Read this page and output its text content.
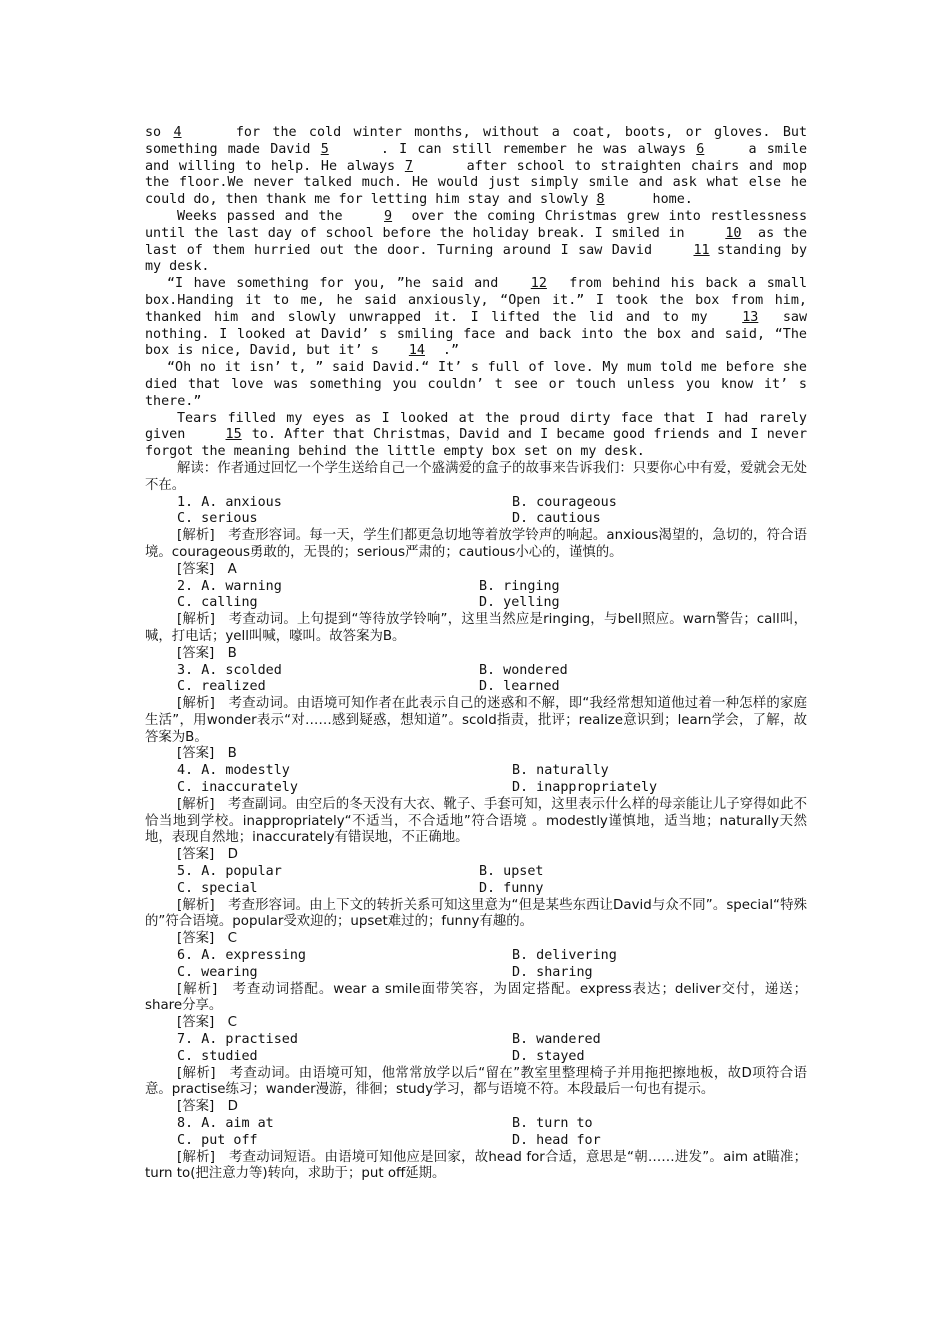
so 4	for the cold winter months, without a coat, boots, or gloves. But something made David 5	. I can still remember he was always 6	a smile and willing to help. He always 7	after school to straighten chairs and mop the floor.We never talked much. He would just simply smile and ask what else he could do, then thank me for letting him stay and slowly 8	home.

Weeks passed and the	9 over the coming Christmas grew into restlessness until the last day of school before the holiday break. I smiled in	10 as the last of them hurried out the door. Turning around I saw David	11 standing by my desk.

“I have something for you, ”he said and 12 from behind his back a small box.Handing it to me, he said anxiously, “Open it.” I took the box from him, thanked him and slowly unwrapped it. I lifted the lid and to my	13 saw nothing. I looked at David’ s smiling face and back into the box and said, “The box is nice, David, but it’ s 14 .”

“Oh no it isn’ t, ” said David.“ It’ s full of love. My mum told me before she died that love was something you couldn’ t see or touch unless you know it’ s there.”

Tears filled my eyes as I looked at the proud dirty face that I had rarely given	15 to. After that Christmas，David and I became good friends and I never forgot the meaning behind the little empty box set on my desk.

解读：作者通过回忆一个学生送给自己一个盛满爱的盒子的故事来告诉我们：只要你心中有爱，爱就会无处不在。

1. A. anxious	B. courageous
C. serious	D. cautious

[解析]　考查形容词。每一天，学生们都更急切地等着放学铃声的响起。anxious渴望的，急切的，符合语境。courageous勇敢的，无畏的；serious严肃的；cautious小心的，谨慎的。

[答案]　A

2. A. warning	B. ringing
C. calling	D. yelling

[解析]　考查动词。上句提到“等待放学铃响”，这里当然应是ringing，与bell照应。warn警告；call叫，喊，打电话；yell叫喊，嚎叫。故答案为B。

[答案]　B

3. A. scolded	B. wondered
C. realized	D. learned

[解析]　考查动词。由语境可知作者在此表示自己的迷惑和不解，即“我经常想知道他过着一种怎样的家庭生活”，用wonder表示“对……感到疑惑，想知道”。scold指责，批评；realize意识到；learn学会，了解，故答案为B。

[答案]　B

4. A. modestly	B. naturally
C. inaccurately	D. inappropriately

[解析]　考查副词。由空后的冬天没有大衣、靴子、手套可知，这里表示什么样的母亲能让儿子穿得如此不恰当地到学校。inappropriately“不适当，不合适地”符合语境 。modestly谨慎地，适当地；naturally天然地，表现自然地；inaccurately有错误地，不正确地。

[答案]　D

5. A. popular	B. upset
C. special	D. funny

[解析]　考查形容词。由上下文的转折关系可知这里意为“但是某些东西让David与众不同”。special“特殊的”符合语境。popular受欢迎的；upset难过的；funny有趣的。

[答案]　C

6. A. expressing	B. delivering
C. wearing	D. sharing

[解析]　考查动词搭配。wear a smile面带笑容，为固定搭配。express表达；deliver交付，递送；share分享。

[答案]　C

7. A. practised	B. wandered
C. studied	D. stayed

[解析]　考查动词。由语境可知，他常常放学以后“留在”教室里整理椅子并用拖把擦地板，故D项符合语意。practise练习；wander漫游，徘徊；study学习，都与语境不符。本段最后一句也有提示。

[答案]　D

8. A. aim at	B. turn to
C. put off	D. head for

[解析]　考查动词短语。由语境可知他应是回家，故head for合适，意思是“朝……进发”。aim at瞄准；turn to(把注意力等)转向，求助于；put off延期。
